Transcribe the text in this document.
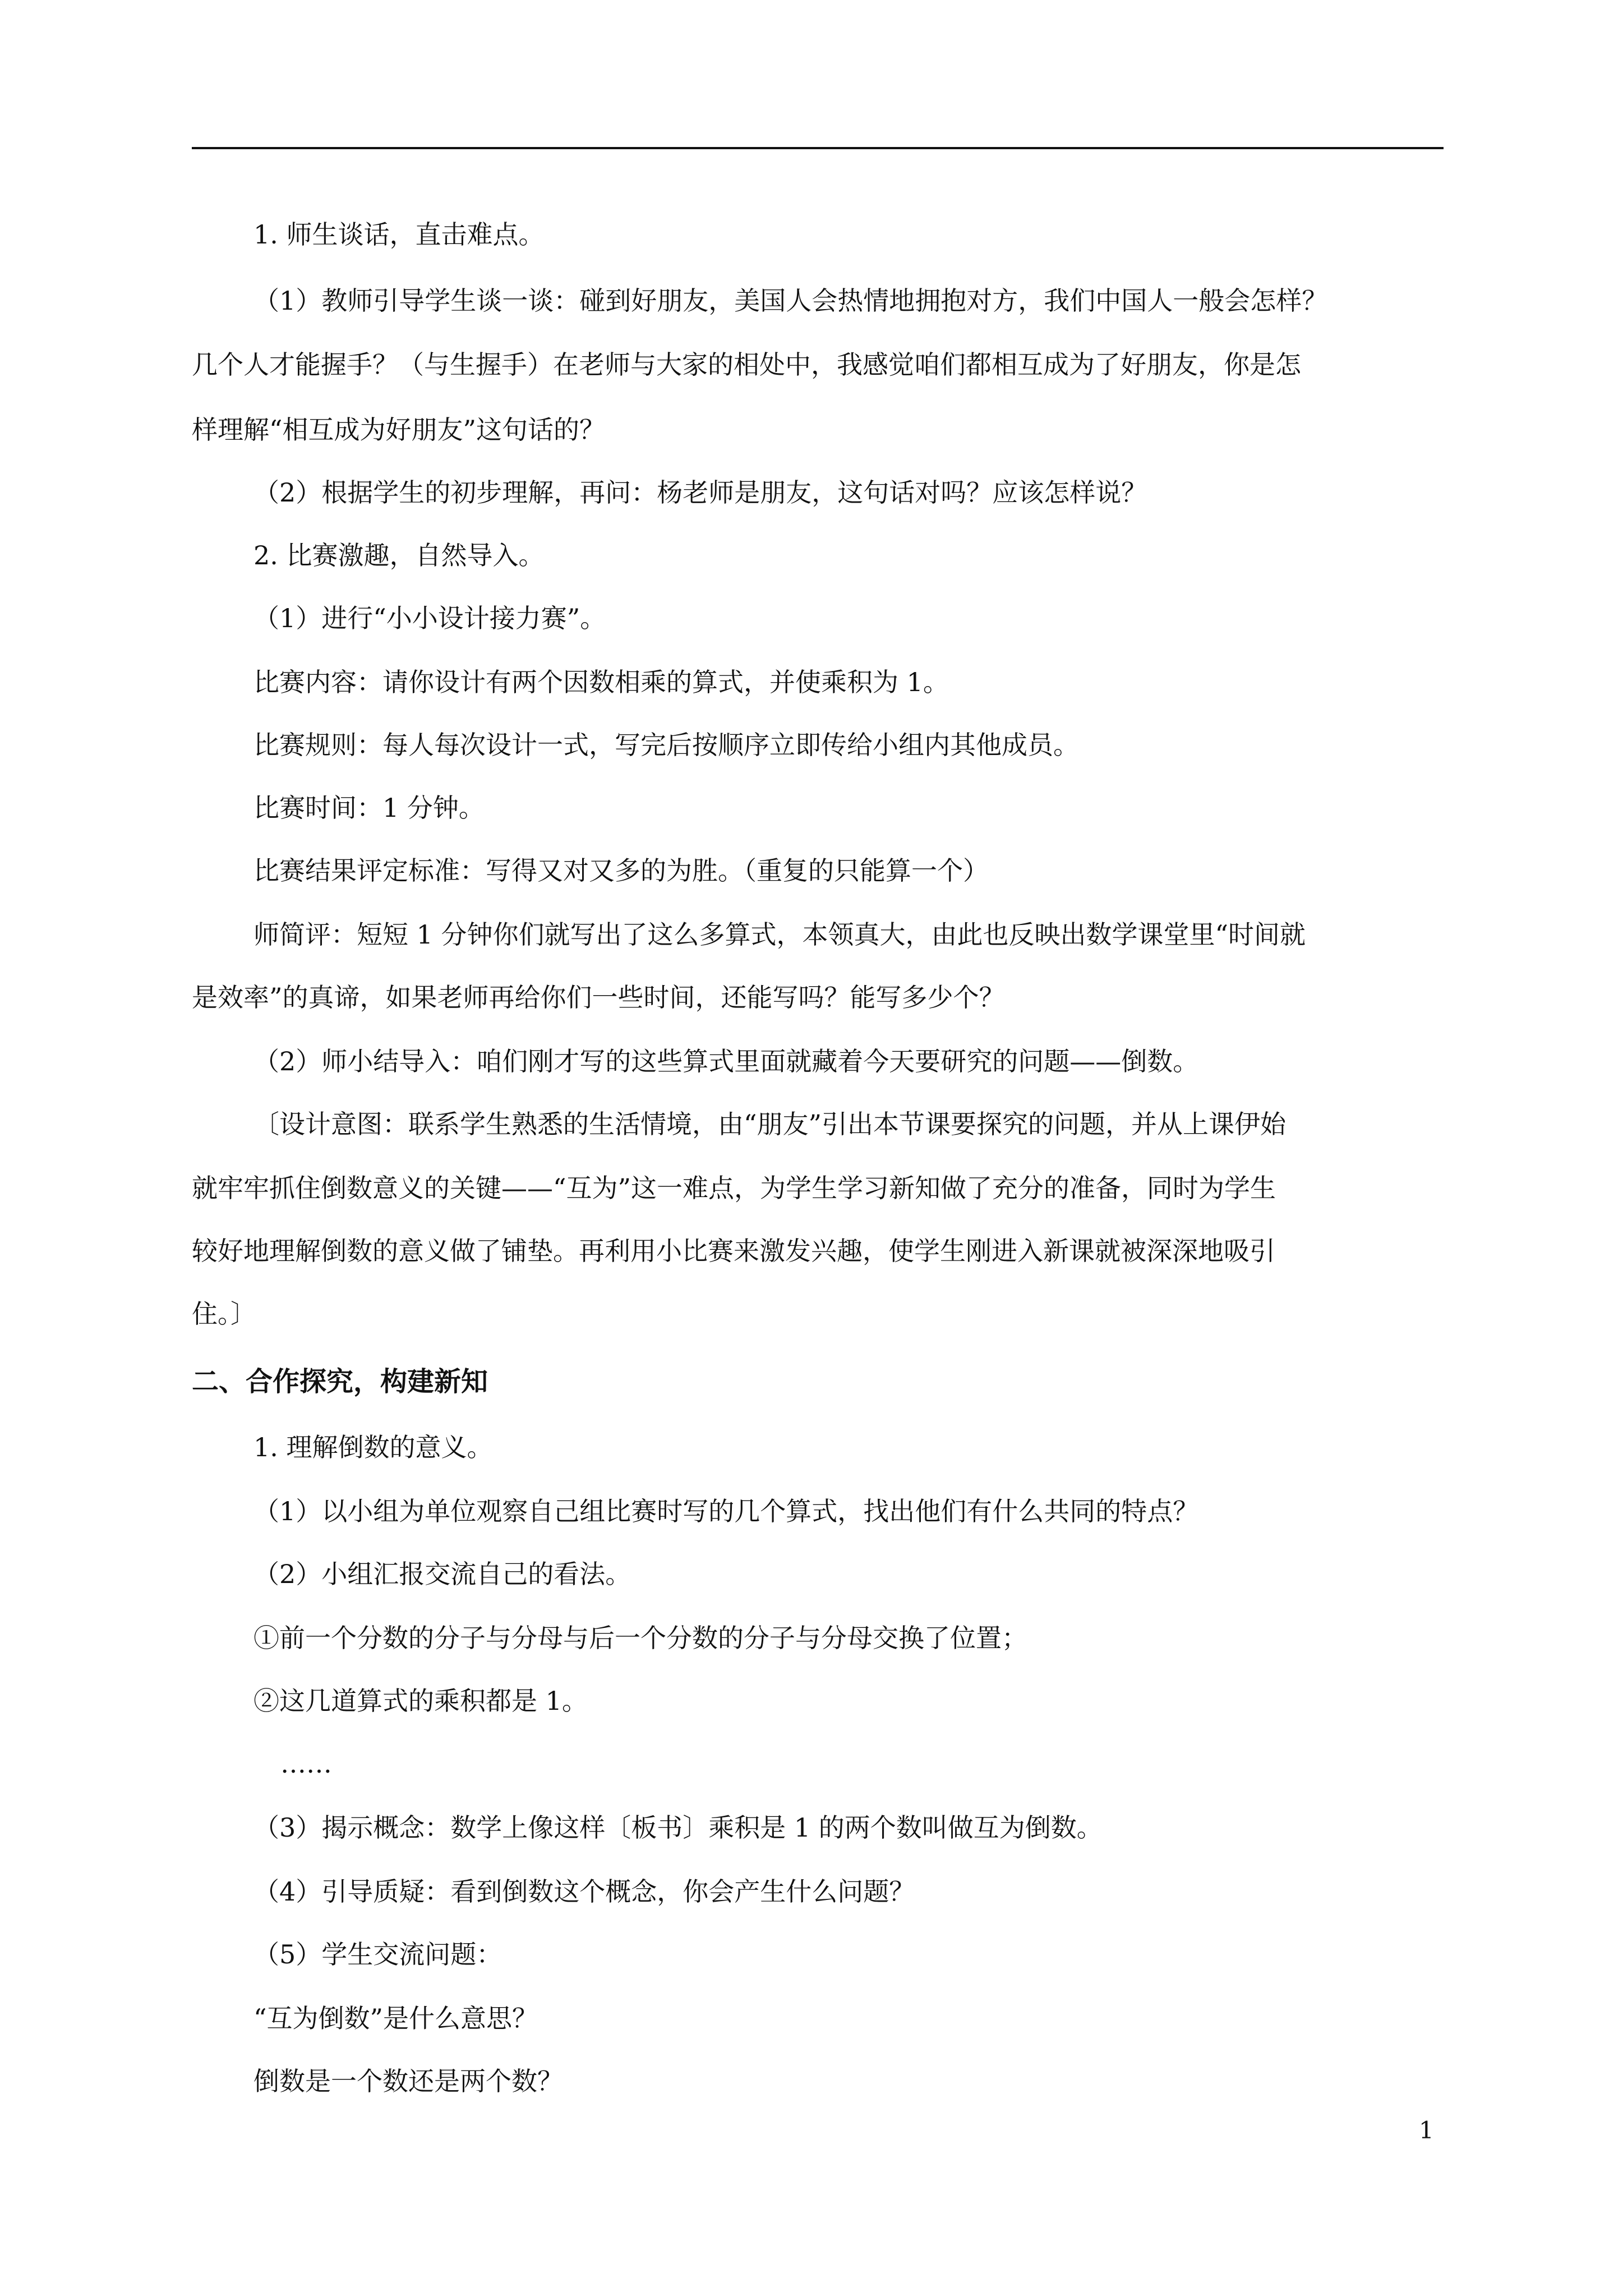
1. 师生谈话，直击难点。
（1）教师引导学生谈一谈：碰到好朋友，美国人会热情地拥抱对方，我们中国人一般会怎样？
几个人才能握手？（与生握手）在老师与大家的相处中，我感觉咱们都相互成为了好朋友，你是怎
样理解“相互成为好朋友”这句话的？
（2）根据学生的初步理解，再问：杨老师是朋友，这句话对吗？应该怎样说？
2. 比赛激趣，自然导入。
（1）进行“小小设计接力赛”。
比赛内容：请你设计有两个因数相乘的算式，并使乘积为 1。
比赛规则：每人每次设计一式，写完后按顺序立即传给小组内其他成员。
比赛时间：1 分钟。
比赛结果评定标准：写得又对又多的为胜。（重复的只能算一个）
师简评：短短 1 分钟你们就写出了这么多算式，本领真大，由此也反映出数学课堂里“时间就
是效率”的真谛，如果老师再给你们一些时间，还能写吗？能写多少个？
（2）师小结导入：咱们刚才写的这些算式里面就藏着今天要研究的问题——倒数。
〔设计意图：联系学生熟悉的生活情境，由“朋友”引出本节课要探究的问题，并从上课伊始
就牢牢抓住倒数意义的关键——“互为”这一难点，为学生学习新知做了充分的准备，同时为学生
较好地理解倒数的意义做了铺垫。再利用小比赛来激发兴趣，使学生刚进入新课就被深深地吸引
住。〕
二、合作探究，构建新知
1. 理解倒数的意义。
（1）以小组为单位观察自己组比赛时写的几个算式，找出他们有什么共同的特点？
（2）小组汇报交流自己的看法。
①前一个分数的分子与分母与后一个分数的分子与分母交换了位置；
②这几道算式的乘积都是 1。
……
（3）揭示概念：数学上像这样〔板书〕乘积是 1 的两个数叫做互为倒数。
（4）引导质疑：看到倒数这个概念，你会产生什么问题？
（5）学生交流问题：
“互为倒数”是什么意思？
倒数是一个数还是两个数？
1
